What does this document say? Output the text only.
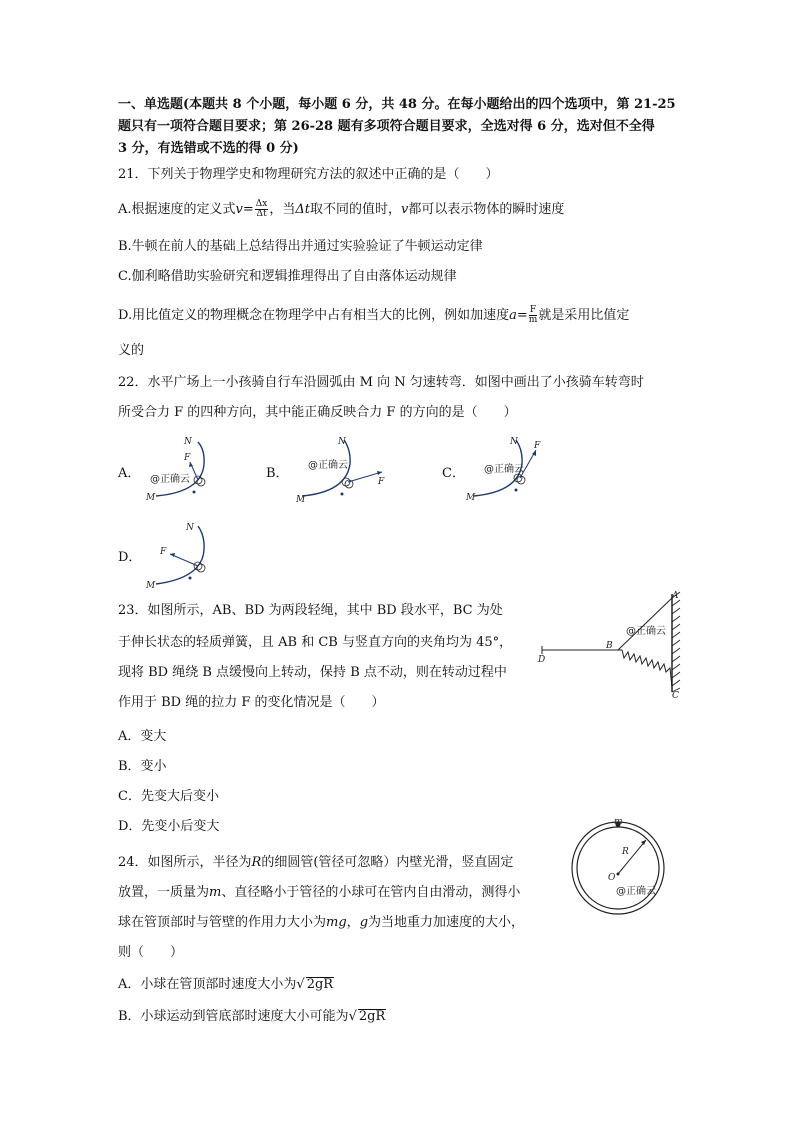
一、单选题(本题共 8 个小题，每小题 6 分，共 48 分。在每小题给出的四个选项中，第 21-25
题只有一项符合题目要求；第 26-28 题有多项符合题目要求，全选对得 6 分，选对但不全得
3 分，有选错或不选的得 0 分)
21．下列关于物理学史和物理研究方法的叙述中正确的是（　　）
A.根据速度的定义式$v= \frac{\Delta x}{\Delta t}$ ，当Δt取不同的值时，v都可以表示物体的瞬时速度
B.牛顿在前人的基础上总结得出并通过实验验证了牛顿运动定律
C.伽利略借助实验研究和逻辑推理得出了自由落体运动规律
D.用比值定义的物理概念在物理学中占有相当大的比例，例如加速度$a= \frac{F}{m}$ 就是采用比值定
义的
22．水平广场上一小孩骑自行车沿圆弧由 M 向 N 匀速转弯．如图中画出了小孩骑车转弯时
所受合力 F 的四种方向，其中能正确反映合力 F 的方向的是（　　）
A．
N
M
F
@正确云	B．
N
M
F
@正确云
C．
N
M
F
@正确云
D．
N
M
F
23．如图所示，AB、BD 为两段轻绳，其中 BD 段水平，BC 为处
于伸长状态的轻质弹簧，且 AB 和 CB 与竖直方向的夹角均为 45°，
现将 BD 绳绕 B 点缓慢向上转动，保持 B 点不动，则在转动过程中
作用于 BD 绳的拉力 F 的变化情况是（　　）
A．变大
B．变小
C．先变大后变小
D．先变小后变大
A
B
C
D
@正确云
24．如图所示，半径为R的细圆管(管径可忽略）内壁光滑，竖直固定
放置，一质量为m、直径略小于管径的小球可在管内自由滑动，测得小
球在管顶部时与管壁的作用力大小为mg，g为当地重力加速度的大小，
则（　　）
A．小球在管顶部时速度大小为√ 2gR
B．小球运动到管底部时速度大小可能为√ 2gR
m
R
O
@正确云
